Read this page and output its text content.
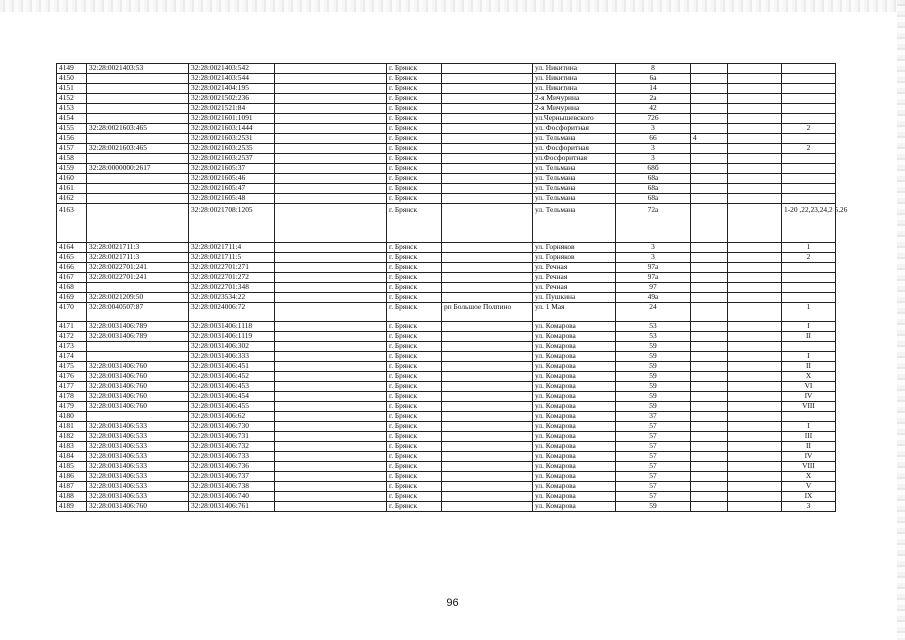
4149	32:28:0021403:53	32:28:0021403:542		г. Брянск		ул. Никитина	8			
4150		32:28:0021403:544		г. Брянск		ул. Никитина	6а			
4151		32:28:0021404:195		г. Брянск		ул. Никитина	14			
4152		32:28:0021502:236		г. Брянск		2-я Мичурина	2а			
4153		32:28:0021521:84		г. Брянск		2-я Мичурина	42			
4154		32:28:0021601:1091		г. Брянск		ул.Чернышевского	726			
4155	32:28:0021603:465	32:28:0021603:1444		г. Брянск		ул. Фосфоритная	3			2
4156		32:28:0021603:2531		г. Брянск		ул. Тельмана	66	4		
4157	32:28:0021603:465	32:28:0021603:2535		г. Брянск		ул. Фосфоритная	3			2
4158		32:28:0021603:2537		г. Брянск		ул.Фосфоритная	3			
4159	32:28:0000000:2617	32:28:0021605:37		г. Брянск		ул. Тельмана	68б			
4160		32:28:0021605:46		г. Брянск		ул. Тельмана	68а			
4161		32:28:0021605:47		г. Брянск		ул. Тельмана	68а			
4162		32:28:0021605:48		г. Брянск		ул. Тельмана	68а			
4163		32:28:0021708:1205		г. Брянск		ул. Тельмана	72а			1-20 ,22,23,24,2 5,26
4164	32:28:0021711:3	32:28:0021711:4		г. Брянск		ул. Горняков	3			1
4165	32:28:0021711:3	32:28:0021711:5		г. Брянск		ул. Горняков	3			2
4166	32:28:0022701:241	32:28:0022701:271		г. Брянск		ул. Речная	97а			
4167	32:28:0022701:241	32:28:0022701:272		г. Брянск		ул. Речная	97а			
4168		32:28:0022701:348		г. Брянск		ул. Речная	97			
4169	32:28:0021209:50	32:28:0023534:22		г. Брянск		ул. Пушкина	49а			
4170	32:28:0040507:87	32:28:0024006:72		г. Брянск	рп Большое Полпино	ул. 1 Мая	24			1
4171	32:28:0031406:789	32:28:0031406:1118		г. Брянск		ул. Комарова	53			I
4172	32:28:0031406:789	32:28:0031406:1119		г. Брянск		ул. Комарова	53			II
4173		32:28:0031406:302		г. Брянск		ул. Комарова	59			
4174		32:28:0031406:333		г. Брянск		ул. Комарова	59			I
4175	32:28:0031406:760	32:28:0031406:451		г. Брянск		ул. Комарова	59			II
4176	32:28:0031406:760	32:28:0031406:452		г. Брянск		ул. Комарова	59			X
4177	32:28:0031406:760	32:28:0031406:453		г. Брянск		ул. Комарова	59			VI
4178	32:28:0031406:760	32:28:0031406:454		г. Брянск		ул. Комарова	59			IV
4179	32:28:0031406:760	32:28:0031406:455		г. Брянск		ул. Комарова	59			VIII
4180		32:28:0031406:62		г. Брянск		ул. Комарова	37			
4181	32:28:0031406:533	32:28:0031406:730		г. Брянск		ул. Комарова	57			I
4182	32:28:0031406:533	32:28:0031406:731		г. Брянск		ул. Комарова	57			III
4183	32:28:0031406:533	32:28:0031406:732		г. Брянск		ул. Комарова	57			II
4184	32:28:0031406:533	32:28:0031406:733		г. Брянск		ул. Комарова	57			IV
4185	32:28:0031406:533	32:28:0031406:736		г. Брянск		ул. Комарова	57			VIII
4186	32:28:0031406:533	32:28:0031406:737		г. Брянск		ул. Комарова	57			X
4187	32:28:0031406:533	32:28:0031406:738		г. Брянск		ул. Комарова	57			V
4188	32:28:0031406:533	32:28:0031406:740		г. Брянск		ул. Комарова	57			IX
4189	32:28:0031406:760	32:28:0031406:761		г. Брянск		ул. Комарова	59			3
96
